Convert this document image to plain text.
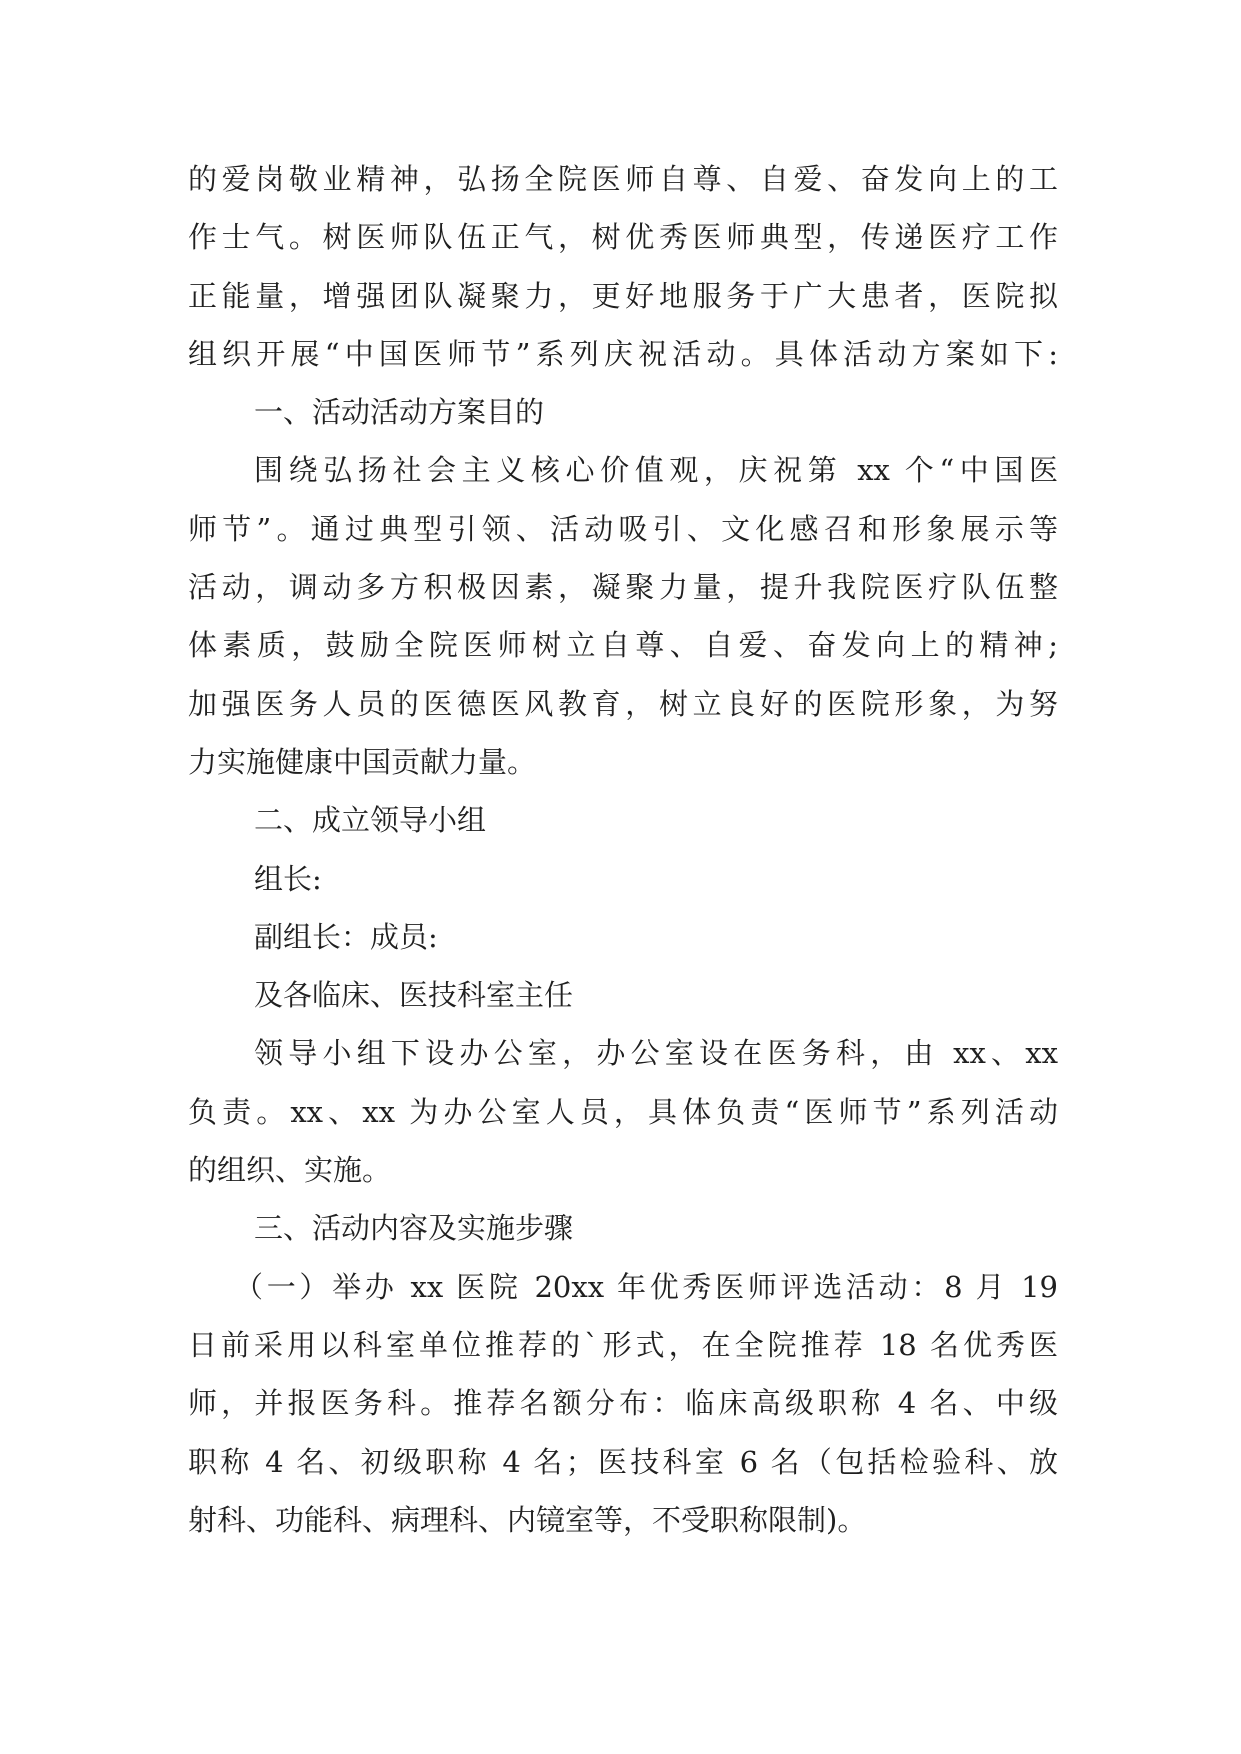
的爱岗敬业精神，弘扬全院医师自尊、自爱、奋发向上的工
作士气。树医师队伍正气，树优秀医师典型，传递医疗工作
正能量，增强团队凝聚力，更好地服务于广大患者，医院拟
组织开展“中国医师节”系列庆祝活动。具体活动方案如下:
一、活动活动方案目的
围绕弘扬社会主义核心价值观，庆祝第 xx 个“中国医
师节”。通过典型引领、活动吸引、文化感召和形象展示等
活动，调动多方积极因素，凝聚力量，提升我院医疗队伍整
体素质，鼓励全院医师树立自尊、自爱、奋发向上的精神;
加强医务人员的医德医风教育，树立良好的医院形象，为努
力实施健康中国贡献力量。
二、成立领导小组
组长:
副组长：成员:
及各临床、医技科室主任
领导小组下设办公室，办公室设在医务科，由 xx、xx
负责。xx、xx 为办公室人员，具体负责“医师节”系列活动
的组织、实施。
三、活动内容及实施步骤
（一）举办 xx 医院 20xx 年优秀医师评选活动：8 月 19
日前采用以科室单位推荐的`形式，在全院推荐 18 名优秀医
师，并报医务科。推荐名额分布：临床高级职称 4 名、中级
职称 4 名、初级职称 4 名；医技科室 6 名（包括检验科、放
射科、功能科、病理科、内镜室等，不受职称限制)。
